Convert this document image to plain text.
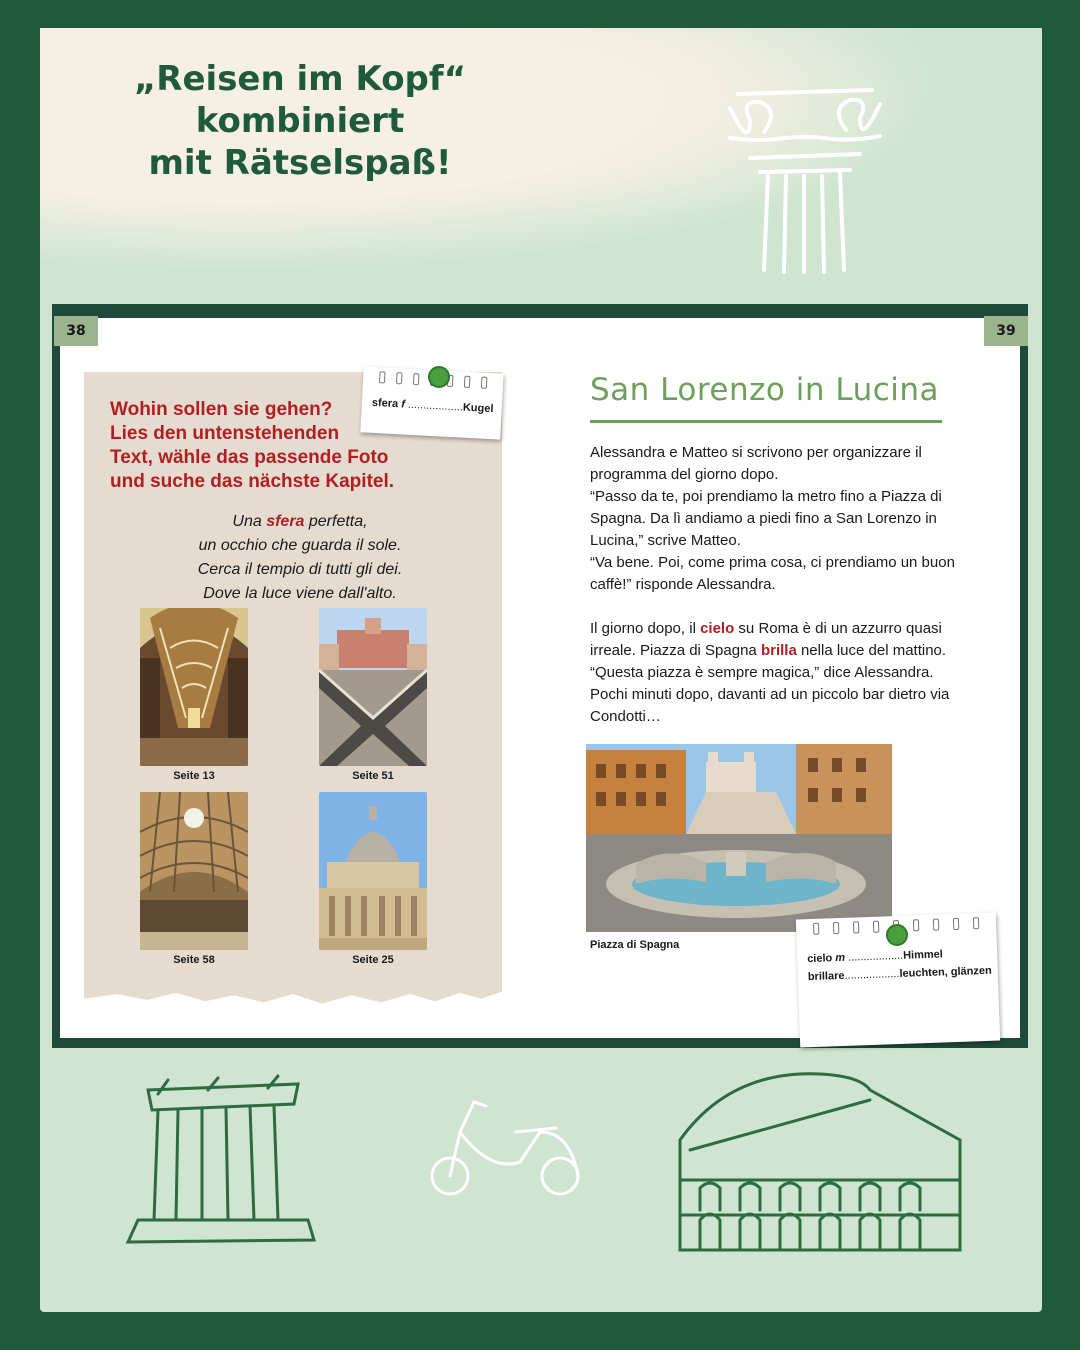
„Reisen im Kopf“
kombiniert
mit Rätselspaß!
38	39
Wohin sollen sie gehen?
Lies den untenstehenden
Text, wähle das passende Foto
und suche das nächste Kapitel.
Una sfera perfetta,
un occhio che guarda il sole.
Cerca il tempio di tutti gli dei.
Dove la luce viene dall'alto.
sfera f ..................Kugel
Seite 13	Seite 51
Seite 58	Seite 25
San Lorenzo in Lucina

Alessandra e Matteo si scrivono per organizzare il

programma del giorno dopo.

“Passo da te, poi prendiamo la metro fino a Piazza di

Spagna. Da lì andiamo a piedi fino a San Lorenzo in

Lucina,” scrive Matteo.

“Va bene. Poi, come prima cosa, ci prendiamo un buon

caffè!” risponde Alessandra.

Il giorno dopo, il cielo su Roma è di un azzurro quasi

irreale. Piazza di Spagna brilla nella luce del mattino.

“Questa piazza è sempre magica,” dice Alessandra.

Pochi minuti dopo, davanti ad un piccolo bar dietro via

Condotti…

Piazza di Spagna
cielo m ..................Himmel
brillare..................leuchten, glänzen
